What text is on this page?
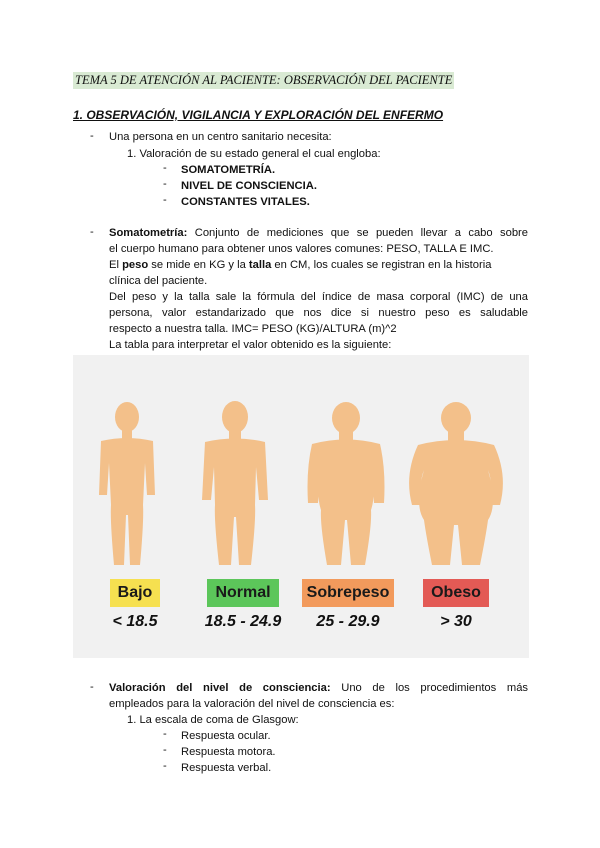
TEMA 5 DE ATENCIÓN AL PACIENTE: OBSERVACIÓN DEL PACIENTE
1. OBSERVACIÓN, VIGILANCIA Y EXPLORACIÓN DEL ENFERMO
- Una persona en un centro sanitario necesita:
1. Valoración de su estado general el cual engloba:
- SOMATOMETRÍA.
- NIVEL DE CONSCIENCIA.
- CONSTANTES VITALES.
- Somatometría: Conjunto de mediciones que se pueden llevar a cabo sobre
el cuerpo humano para obtener unos valores comunes: PESO, TALLA E IMC.
El peso se mide en KG y la talla en CM, los cuales se registran en la historia
clínica del paciente.
Del peso y la talla sale la fórmula del índice de masa corporal (IMC) de una
persona, valor estandarizado que nos dice si nuestro peso es saludable
respecto a nuestra talla. IMC= PESO (KG)/ALTURA (m)^2
La tabla para interpretar el valor obtenido es la siguiente:
Bajo	Normal	Sobrepeso	Obeso
< 18.5	18.5 - 24.9	25 - 29.9	> 30
- Valoración del nivel de consciencia: Uno de los procedimientos más
empleados para la valoración del nivel de consciencia es:
1. La escala de coma de Glasgow:
- Respuesta ocular.
- Respuesta motora.
- Respuesta verbal.
